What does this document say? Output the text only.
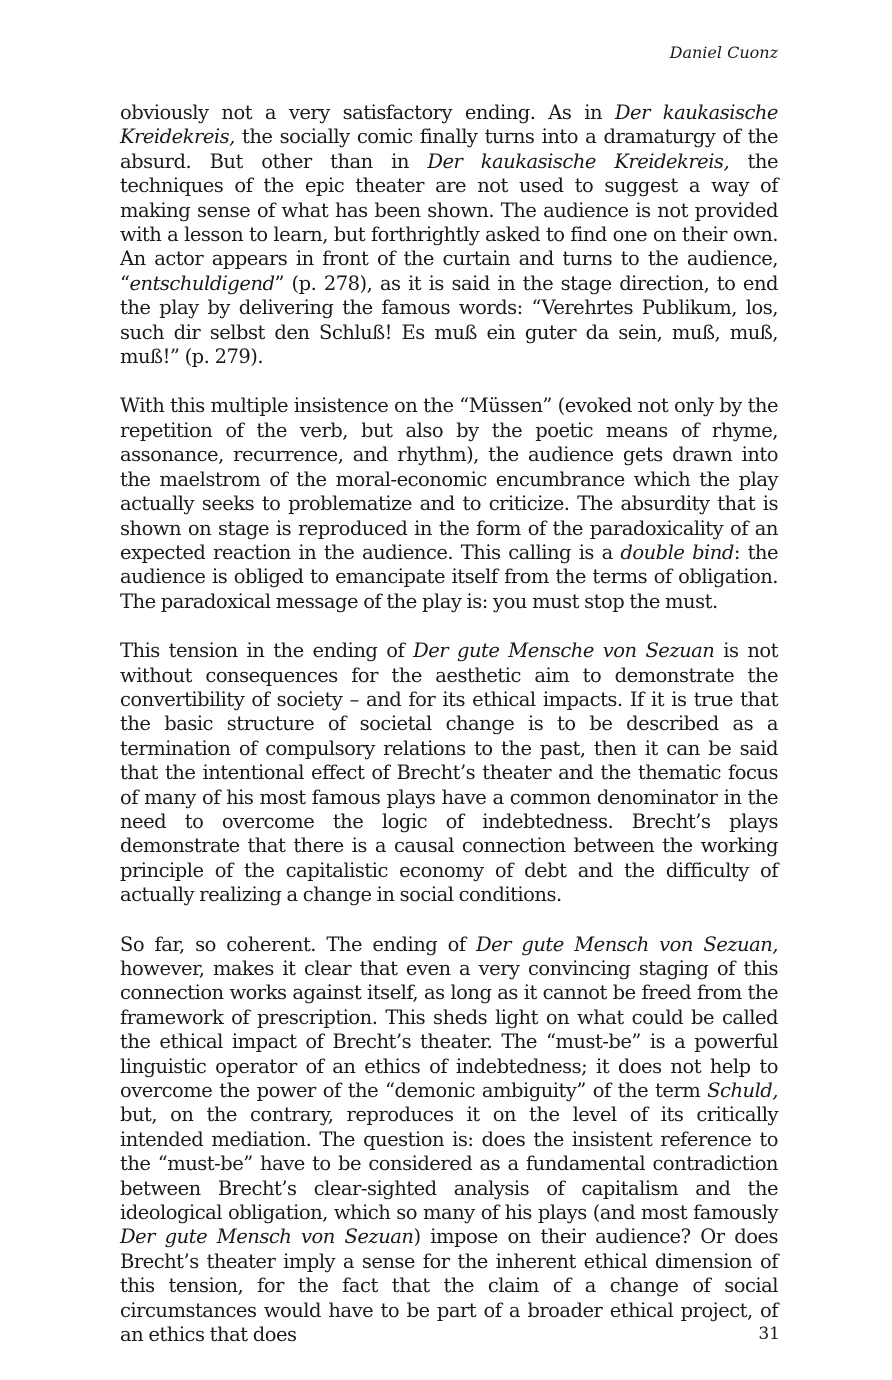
Daniel Cuonz

obviously not a very satisfactory ending. As in Der kaukasische Kreidekreis, the socially comic finally turns into a dramaturgy of the absurd. But other than in Der kaukasische Kreidekreis, the techniques of the epic theater are not used to suggest a way of making sense of what has been shown. The audience is not provided with a lesson to learn, but forthrightly asked to find one on their own. An actor appears in front of the curtain and turns to the audience, “entschuldigend” (p. 278), as it is said in the stage direction, to end the play by delivering the famous words: “Verehrtes Publikum, los, such dir selbst den Schluß! Es muß ein guter da sein, muß, muß, muß!” (p. 279).

With this multiple insistence on the “Müssen” (evoked not only by the repetition of the verb, but also by the poetic means of rhyme, assonance, recurrence, and rhythm), the audience gets drawn into the maelstrom of the moral-economic encumbrance which the play actually seeks to problematize and to criticize. The absurdity that is shown on stage is reproduced in the form of the paradoxicality of an expected reaction in the audience. This calling is a double bind: the audience is obliged to emancipate itself from the terms of obligation. The paradoxical message of the play is: you must stop the must.

This tension in the ending of Der gute Mensche von Sezuan is not without consequences for the aesthetic aim to demonstrate the convertibility of society – and for its ethical impacts. If it is true that the basic structure of societal change is to be described as a termination of compulsory relations to the past, then it can be said that the intentional effect of Brecht’s theater and the thematic focus of many of his most famous plays have a common denominator in the need to overcome the logic of indebtedness. Brecht’s plays demonstrate that there is a causal connection between the working principle of the capitalistic economy of debt and the difficulty of actually realizing a change in social conditions.

So far, so coherent. The ending of Der gute Mensch von Sezuan, however, makes it clear that even a very convincing staging of this connection works against itself, as long as it cannot be freed from the framework of prescription. This sheds light on what could be called the ethical impact of Brecht’s theater. The “must-be” is a powerful linguistic operator of an ethics of indebtedness; it does not help to overcome the power of the “demonic ambiguity” of the term Schuld, but, on the contrary, reproduces it on the level of its critically intended mediation. The question is: does the insistent reference to the “must-be” have to be considered as a fundamental contradiction between Brecht’s clear-sighted analysis of capitalism and the ideological obligation, which so many of his plays (and most famously Der gute Mensch von Sezuan) impose on their audience? Or does Brecht’s theater imply a sense for the inherent ethical dimension of this tension, for the fact that the claim of a change of social circumstances would have to be part of a broader ethical project, of an ethics that does	31
